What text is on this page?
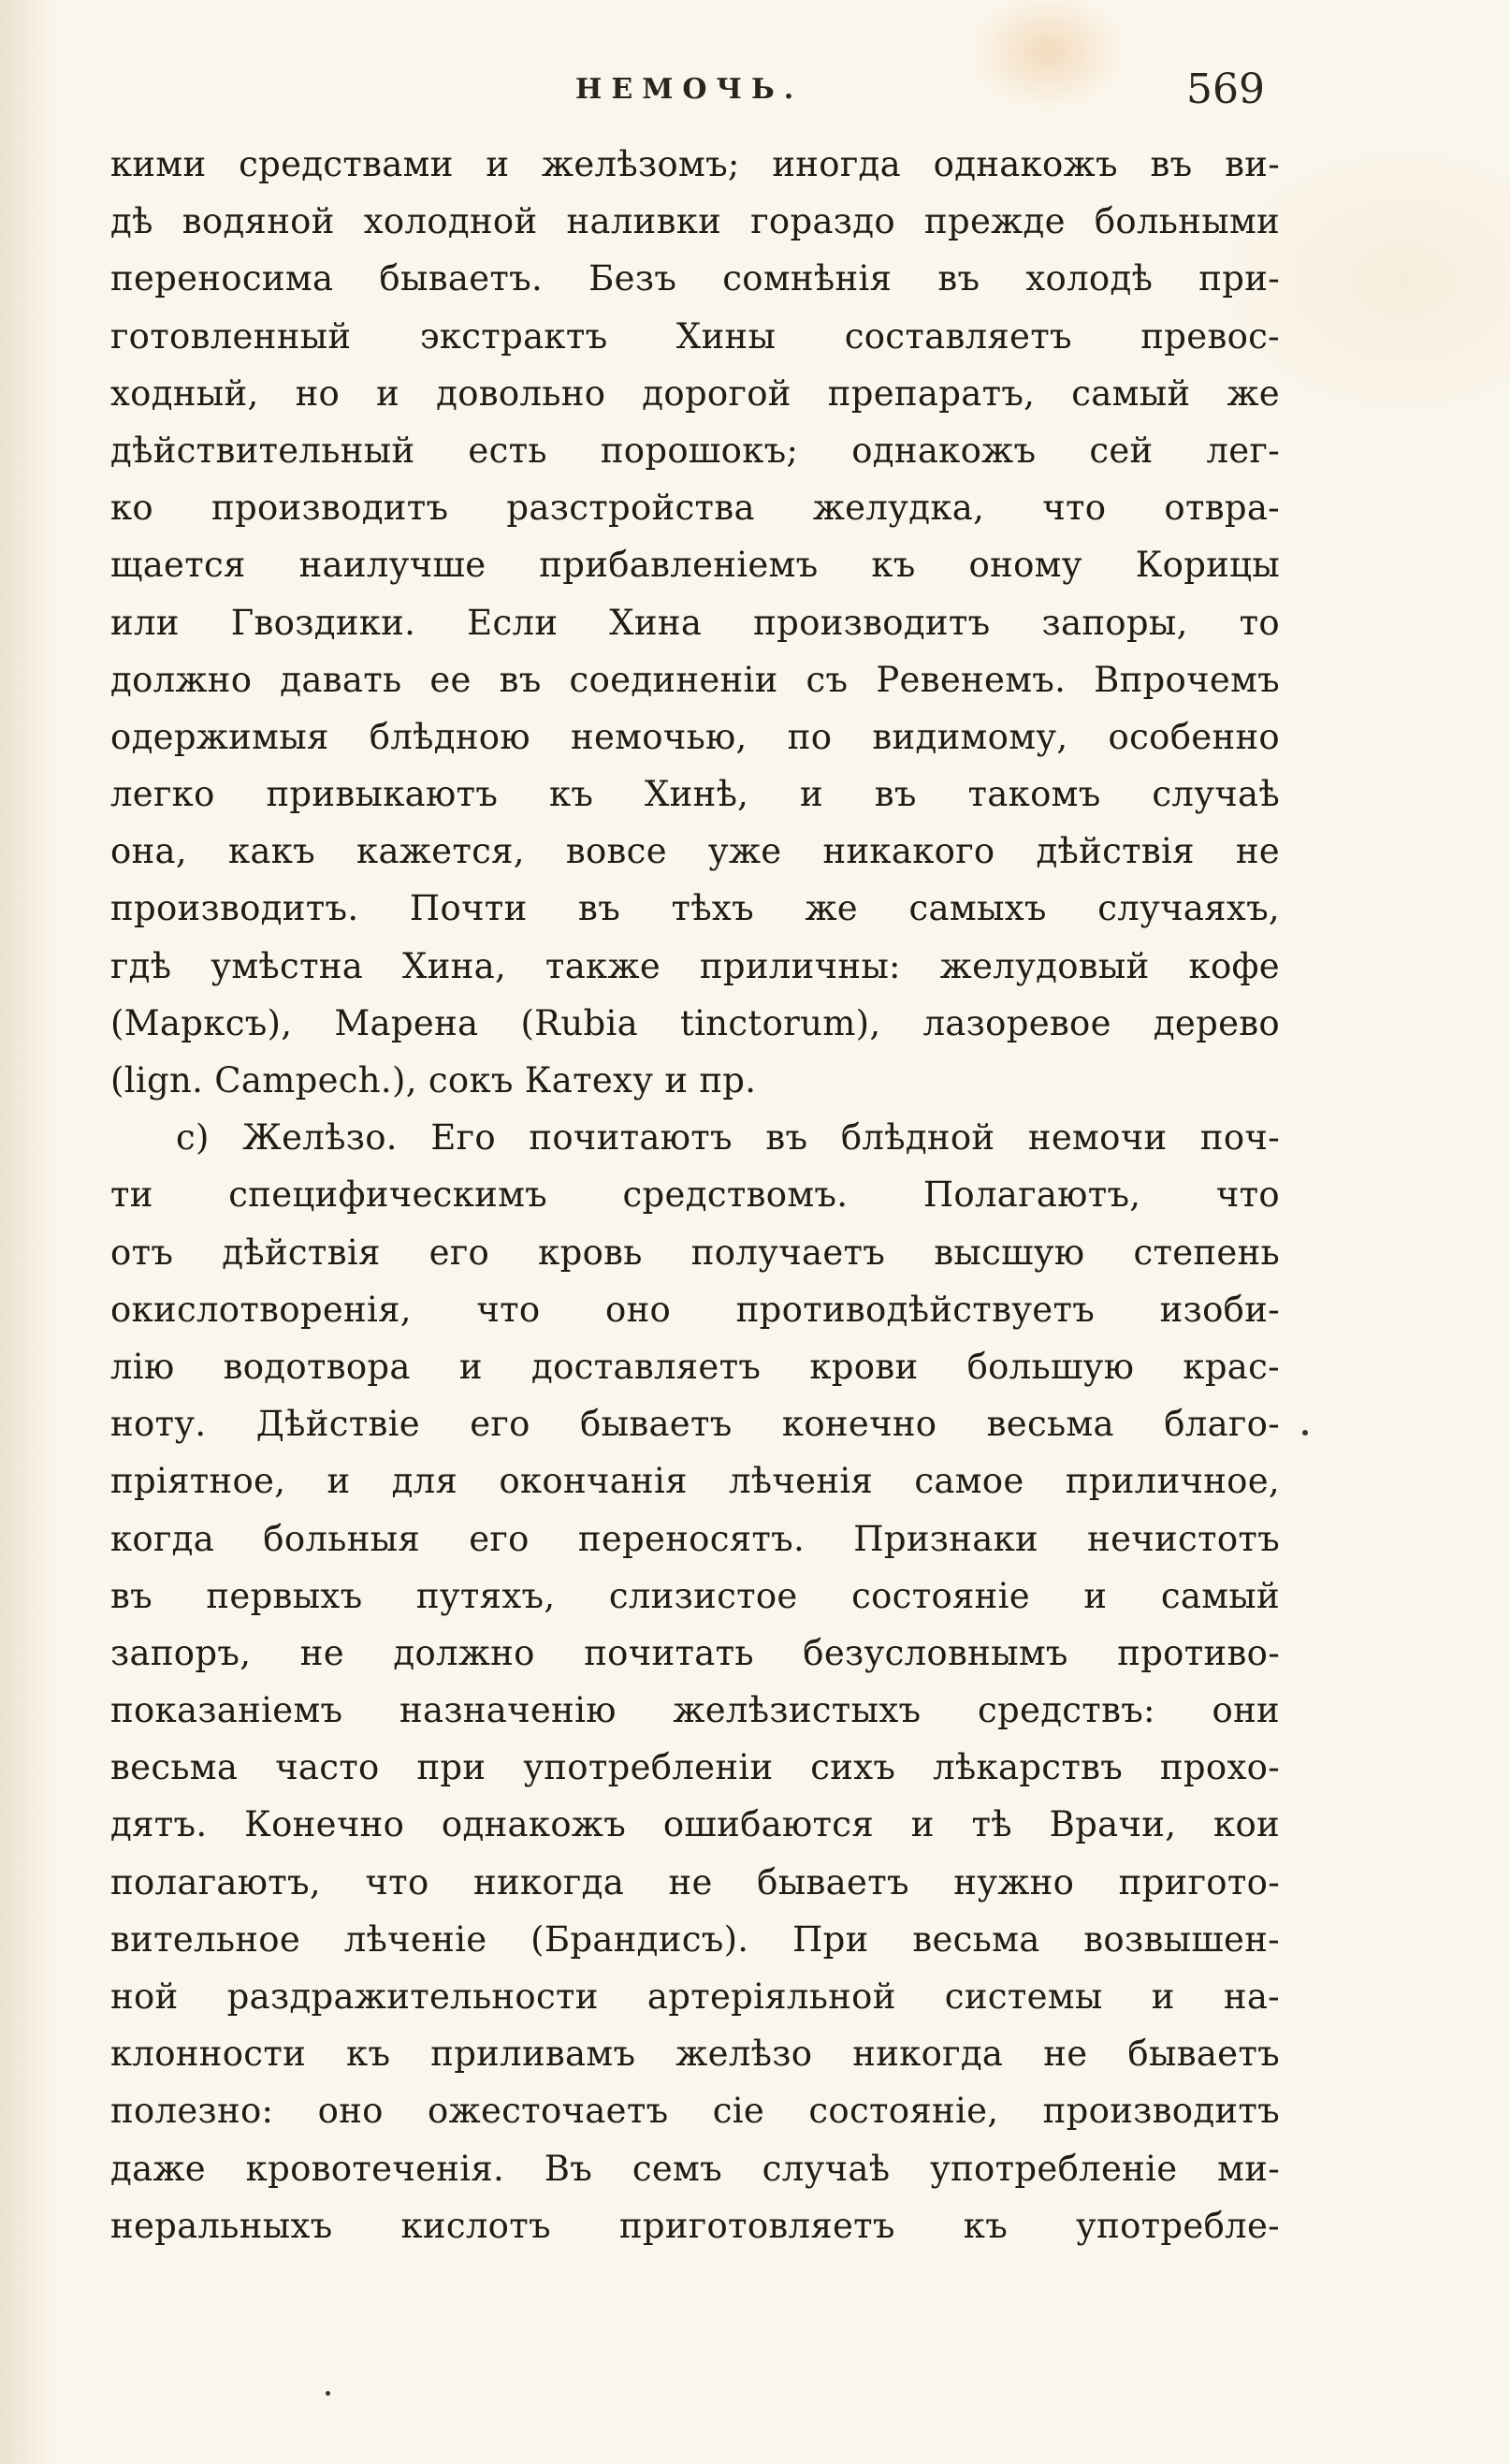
НЕМОЧЬ.	569
кими средствами и желѣзомъ; иногда однакожъ въ ви-
дѣ водяной холодной наливки гораздо прежде больными
переносима бываетъ. Безъ сомнѣнія въ холодѣ при-
готовленный экстрактъ Хины составляетъ превос-
ходный, но и довольно дорогой препаратъ, самый же
дѣйствительный есть порошокъ; однакожъ сей лег-
ко производитъ разстройства желудка, что отвра-
щается наилучше прибавленіемъ къ оному Корицы
или Гвоздики. Если Хина производитъ запоры, то
должно давать ее въ соединеніи съ Ревенемъ. Впрочемъ
одержимыя блѣдною немочью, по видимому, особенно
легко привыкаютъ къ Хинѣ, и въ такомъ случаѣ
она, какъ кажется, вовсе уже никакого дѣйствія не
производитъ. Почти въ тѣхъ же самыхъ случаяхъ,
гдѣ умѣстна Хина, также приличны: желудовый кофе
(Марксъ), Марена (Rubia tinctorum), лазоревое дерево
(lign. Campech.), сокъ Катеху и пр.
c) Желѣзо. Его почитаютъ въ блѣдной немочи поч-
ти специфическимъ средствомъ. Полагаютъ, что
отъ дѣйствія его кровь получаетъ высшую степень
окислотворенія, что оно противодѣйствуетъ изоби-
лію водотвора и доставляетъ крови большую крас-
ноту. Дѣйствіе его бываетъ конечно весьма благо-
пріятное, и для окончанія лѣченія самое приличное,
когда больныя его переносятъ. Признаки нечистотъ
въ первыхъ путяхъ, слизистое состояніе и самый
запоръ, не должно почитать безусловнымъ противо-
показаніемъ назначенію желѣзистыхъ средствъ: они
весьма часто при употребленіи сихъ лѣкарствъ прохо-
дятъ. Конечно однакожъ ошибаются и тѣ Врачи, кои
полагаютъ, что никогда не бываетъ нужно пригото-
вительное лѣченіе (Брандисъ). При весьма возвышен-
ной раздражительности артеріяльной системы и на-
клонности къ приливамъ желѣзо никогда не бываетъ
полезно: оно ожесточаетъ сіе состояніе, производитъ
даже кровотеченія. Въ семъ случаѣ употребленіе ми-
неральныхъ кислотъ приготовляетъ къ употребле-
